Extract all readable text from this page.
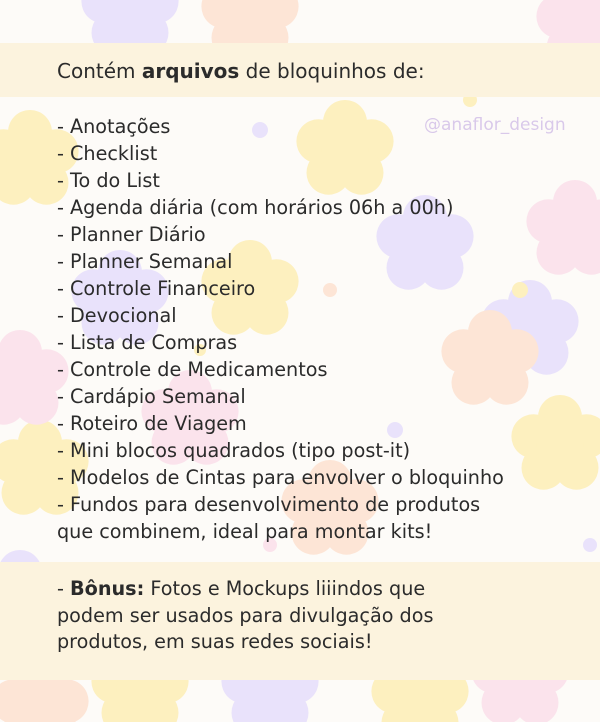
Contém arquivos de bloquinhos de:
@anaflor_design
- Anotações
- Checklist
- To do List
- Agenda diária (com horários 06h a 00h)
- Planner Diário
- Planner Semanal
- Controle Financeiro
- Devocional
- Lista de Compras
- Controle de Medicamentos
- Cardápio Semanal
- Roteiro de Viagem
- Mini blocos quadrados (tipo post-it)
- Modelos de Cintas para envolver o bloquinho
- Fundos para desenvolvimento de produtos
que combinem, ideal para montar kits!
- Bônus: Fotos e Mockups liiindos que
podem ser usados para divulgação dos
produtos, em suas redes sociais!
